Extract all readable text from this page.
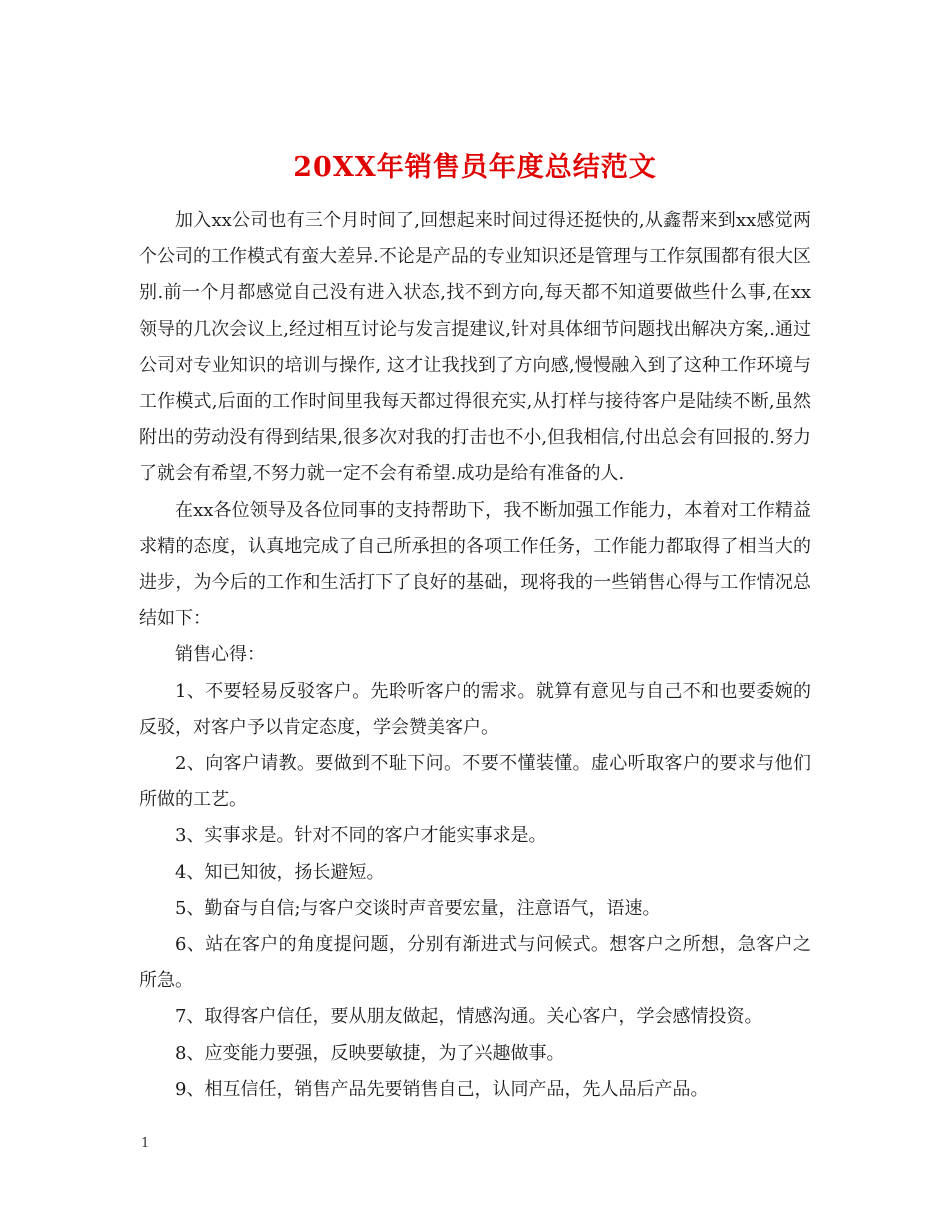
20XX年销售员年度总结范文

加入xx公司也有三个月时间了,回想起来时间过得还挺快的,从鑫帮来到xx感觉两个公司的工作模式有蛮大差异.不论是产品的专业知识还是管理与工作氛围都有很大区别.前一个月都感觉自己没有进入状态,找不到方向,每天都不知道要做些什么事,在xx领导的几次会议上,经过相互讨论与发言提建议,针对具体细节问题找出解决方案,.通过公司对专业知识的培训与操作, 这才让我找到了方向感,慢慢融入到了这种工作环境与工作模式,后面的工作时间里我每天都过得很充实,从打样与接待客户是陆续不断,虽然附出的劳动没有得到结果,很多次对我的打击也不小,但我相信,付出总会有回报的.努力了就会有希望,不努力就一定不会有希望.成功是给有准备的人.

在xx各位领导及各位同事的支持帮助下，我不断加强工作能力，本着对工作精益求精的态度，认真地完成了自己所承担的各项工作任务，工作能力都取得了相当大的进步，为今后的工作和生活打下了良好的基础，现将我的一些销售心得与工作情况总结如下：

销售心得：

1、不要轻易反驳客户。先聆听客户的需求。就算有意见与自己不和也要委婉的反驳，对客户予以肯定态度，学会赞美客户。

2、向客户请教。要做到不耻下问。不要不懂装懂。虚心听取客户的要求与他们所做的工艺。

3、实事求是。针对不同的客户才能实事求是。

4、知已知彼，扬长避短。

5、勤奋与自信;与客户交谈时声音要宏量，注意语气，语速。

6、站在客户的角度提问题，分别有渐进式与问候式。想客户之所想，急客户之所急。

7、取得客户信任，要从朋友做起，情感沟通。关心客户，学会感情投资。

8、应变能力要强，反映要敏捷，为了兴趣做事。

9、相互信任，销售产品先要销售自己，认同产品，先人品后产品。

1
